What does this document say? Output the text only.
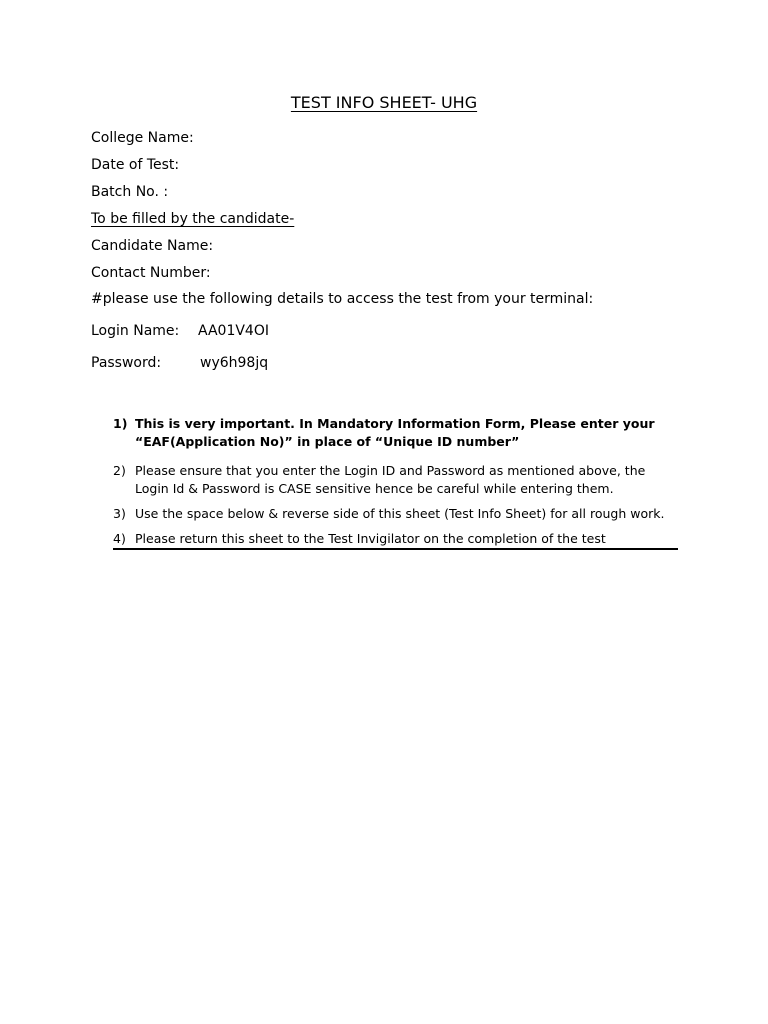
TEST INFO SHEET- UHG
College Name:
Date of Test:
Batch No. :
To be filled by the candidate-
Candidate Name:
Contact Number:
#please use the following details to access the test from your terminal:
Login Name: AA01V4OI
Password:	wy6h98jq
1) This is very important. In Mandatory Information Form, Please enter your
“EAF(Application No)” in place of “Unique ID number”
2) Please ensure that you enter the Login ID and Password as mentioned above, the
Login Id & Password is CASE sensitive hence be careful while entering them.
3) Use the space below & reverse side of this sheet (Test Info Sheet) for all rough work.
4) Please return this sheet to the Test Invigilator on the completion of the test
